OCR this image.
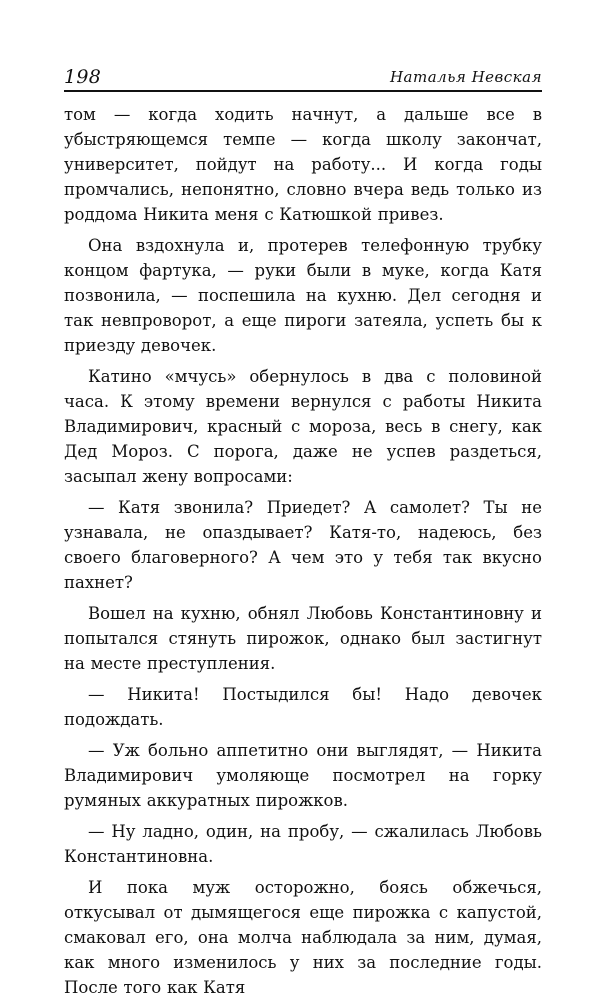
198	Наталья Невская

том — когда ходить начнут, а дальше все в убыстряющемся темпе — когда школу закончат, университет, пойдут на работу... И когда годы промчались, непонятно, словно вчера ведь только из роддома Никита меня с Катюшкой привез.

Она вздохнула и, протерев телефонную трубку концом фартука, — руки были в муке, когда Катя позвонила, — поспешила на кухню. Дел сегодня и так невпроворот, а еще пироги затеяла, успеть бы к приезду девочек.

Катино «мчусь» обернулось в два с половиной часа. К этому времени вернулся с работы Никита Владимирович, красный с мороза, весь в снегу, как Дед Мороз. С порога, даже не успев раздеться, засыпал жену вопросами:

— Катя звонила? Приедет? А самолет? Ты не узнавала, не опаздывает? Катя-то, надеюсь, без своего благоверного? А чем это у тебя так вкусно пахнет?

Вошел на кухню, обнял Любовь Константиновну и попытался стянуть пирожок, однако был застигнут на месте преступления.

— Никита! Постыдился бы! Надо девочек подождать.

— Уж больно аппетитно они выглядят, — Никита Владимирович умоляюще посмотрел на горку румяных аккуратных пирожков.

— Ну ладно, один, на пробу, — сжалилась Любовь Константиновна.

И пока муж осторожно, боясь обжечься, откусывал от дымящегося еще пирожка с капустой, смаковал его, она молча наблюдала за ним, думая, как много изменилось у них за последние годы. После того как Катя
